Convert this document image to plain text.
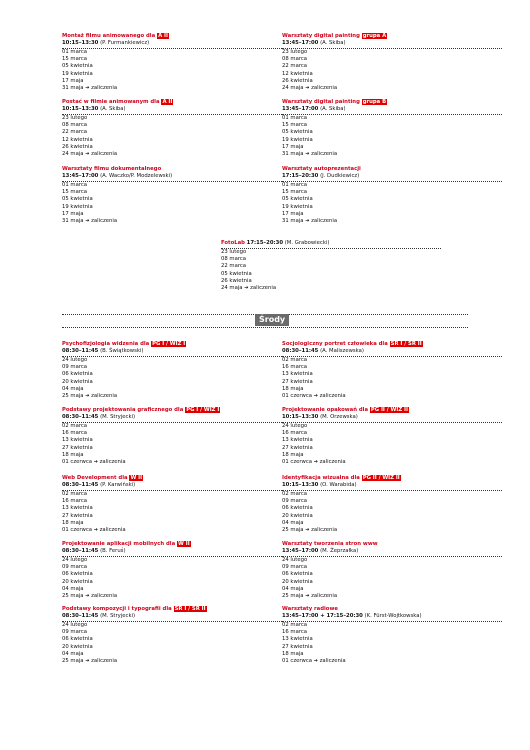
Montaż filmu animowanego dla A II
10:15–13:30 (P. Furmankiewicz)
01 marca
15 marca
05 kwietnia
19 kwietnia
17 maja
31 maja ➔ zaliczenia
Warsztaty digital painting grupa A
13:45–17:00 (A. Skiba)
23 lutego
08 marca
22 marca
12 kwietnia
26 kwietnia
24 maja ➔ zaliczenia
Postać w filmie animowanym dla A II
10:15–13:30 (A. Skiba)
23 lutego
08 marca
22 marca
12 kwietnia
26 kwietnia
24 maja ➔ zaliczenia
Warsztaty digital painting grupa B
13:45–17:00 (A. Skiba)
01 marca
15 marca
05 kwietnia
19 kwietnia
17 maja
31 maja ➔ zaliczenia
Warsztaty filmu dokumentalnego
13:45–17:00 (A. Waczko/P. Modzelewski)
01 marca
15 marca
05 kwietnia
19 kwietnia
17 maja
31 maja ➔ zaliczenia
Warsztaty autoprezentacji
17:15–20:30 (J. Dudkiewicz)
01 marca
15 marca
05 kwietnia
19 kwietnia
17 maja
31 maja ➔ zaliczenia
FotoLab 17:15–20:30 (M. Grabowiecki)
23 lutego
08 marca
22 marca
05 kwietnia
26 kwietnia
24 maja ➔ zaliczenia
Psychofizjologia widzenia dla PG I / WIZ I
08:30–11:45 (B. Świątkowski)
24 lutego
09 marca
06 kwietnia
20 kwietnia
04 maja
25 maja ➔ zaliczenia
Socjologiczny portret człowieka dla SR I / SR II
08:30–11:45 (A. Maliszewska)
02 marca
16 marca
13 kwietnia
27 kwietnia
18 maja
01 czerwca ➔ zaliczenia
Podstawy projektowania graficznego dla PG I / WIZ I
08:30–11:45 (M. Stryjecki)
02 marca
16 marca
13 kwietnia
27 kwietnia
18 maja
01 czerwca ➔ zaliczenia
Projektowanie opakowań dla PG II / WIZ II
10:15–13:30 (M. Orzewska)
24 lutego
16 marca
13 kwietnia
27 kwietnia
18 maja
01 czerwca ➔ zaliczenia
Web Development dla W II
08:30–11:45 (P. Karwiński)
02 marca
16 marca
13 kwietnia
27 kwietnia
18 maja
01 czerwca ➔ zaliczenia
Identyfikacja wizualna dla PG II / WIZ II
10:15–13:30 (O. Warabida)
02 marca
09 marca
06 kwietnia
20 kwietnia
04 maja
25 maja ➔ zaliczenia
Projektowanie aplikacji mobilnych dla W II
08:30–11:45 (B. Feruś)
24 lutego
09 marca
06 kwietnia
20 kwietnia
04 maja
25 maja ➔ zaliczenia
Warsztaty tworzenia stron www
13:45–17:00 (M. Żeprzałka)
24 lutego
09 marca
06 kwietnia
20 kwietnia
04 maja
25 maja ➔ zaliczenia
Podstawy kompozycji i typografii dla SR I / SR II
08:30–11:45 (M. Stryjecki)
24 lutego
09 marca
06 kwietnia
20 kwietnia
04 maja
25 maja ➔ zaliczenia
Warsztaty radiowe
13:45–17:00 + 17:15–20:30 (K. Fürst-Wojtkowska)
02 marca
16 marca
13 kwietnia
27 kwietnia
18 maja
01 czerwca ➔ zaliczenia
Środy
